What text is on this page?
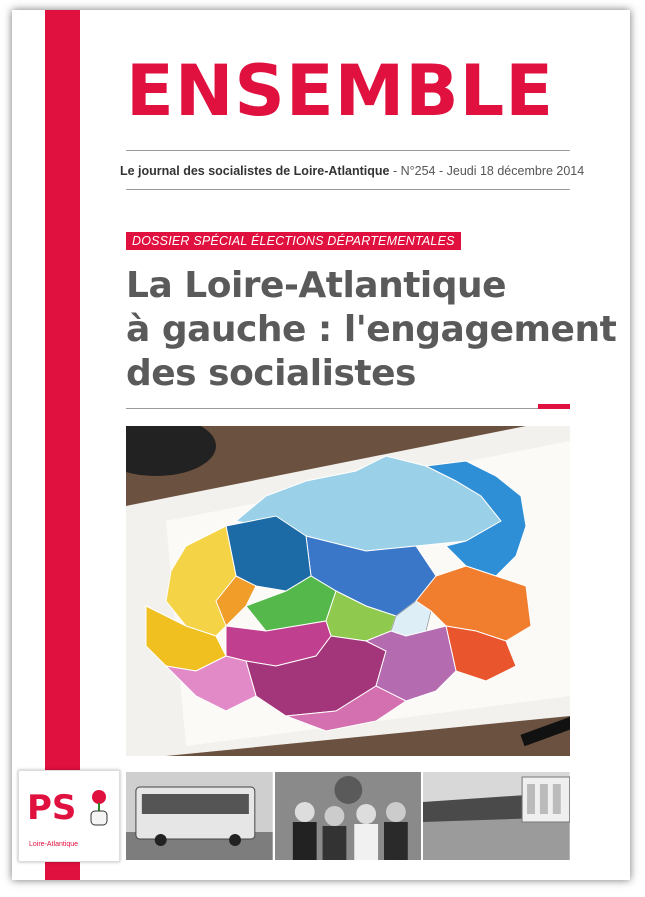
ENSEMBLE
Le journal des socialistes de Loire-Atlantique - N°254 - Jeudi 18 décembre 2014
DOSSIER SPÉCIAL ÉLECTIONS DÉPARTEMENTALES
La Loire-Atlantique
à gauche : l'engagement
des socialistes
PS
Loire-Atlantique
